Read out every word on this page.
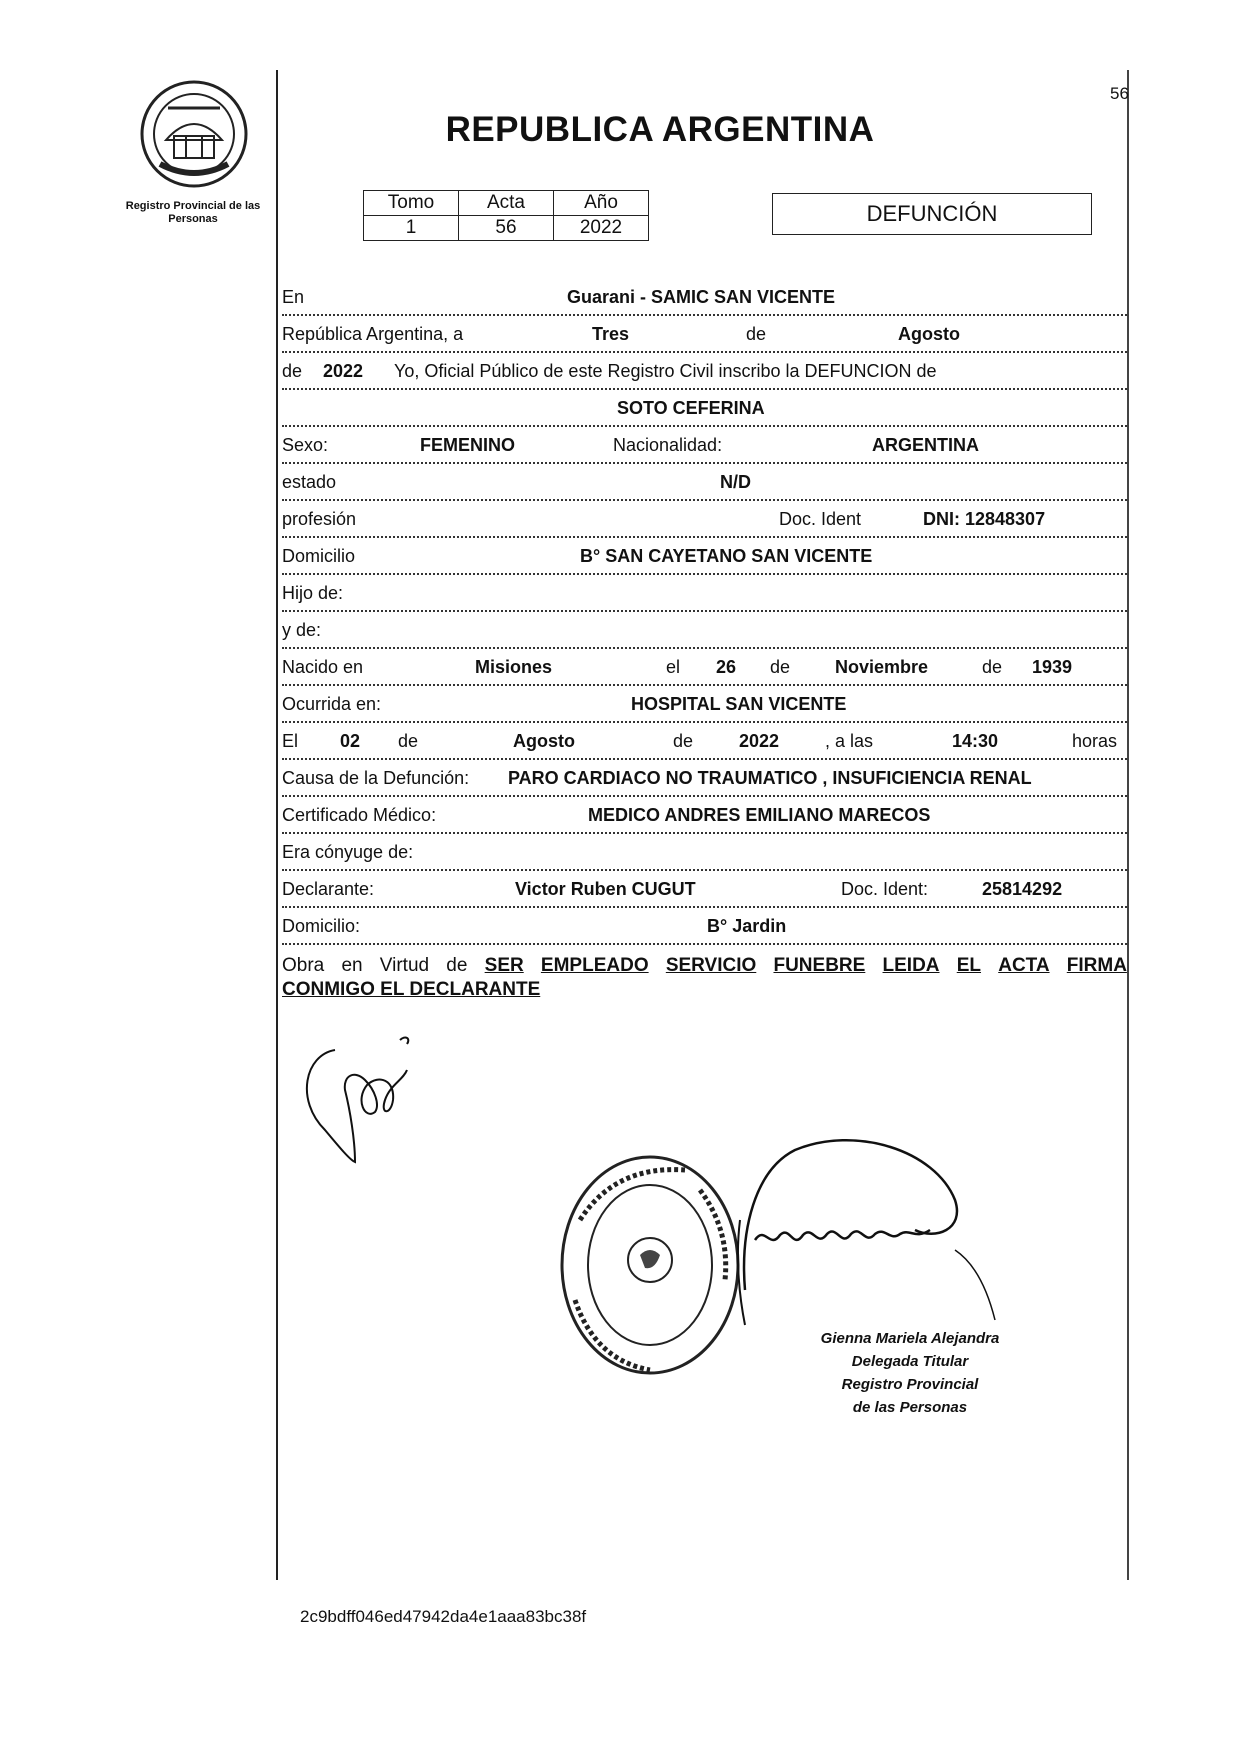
Registro Provincial de las Personas
56
REPUBLICA ARGENTINA
Tomo	Acta	Año
1	56	2022
DEFUNCIÓN
En	Guarani - SAMIC SAN VICENTE
República Argentina, a	Tres	de	Agosto
de 2022 Yo, Oficial Público de este Registro Civil inscribo la DEFUNCION de
SOTO CEFERINA
Sexo:	FEMENINO	Nacionalidad:	ARGENTINA
estado	N/D
profesión	Doc. Ident	DNI: 12848307
Domicilio	B° SAN CAYETANO SAN VICENTE
Hijo de:
y de:
Nacido en	Misiones	el 26 de Noviembre	de 1939
Ocurrida en:	HOSPITAL SAN VICENTE
El 02 de	Agosto	de	2022	, a las	14:30	horas
Causa de la Defunción: PARO CARDIACO NO TRAUMATICO , INSUFICIENCIA RENAL
Certificado Médico:	MEDICO ANDRES EMILIANO MARECOS
Era cónyuge de:
Declarante:	Victor Ruben CUGUT	Doc. Ident:	25814292
Domicilio:	B° Jardin
Obra en Virtud de SER EMPLEADO SERVICIO FUNEBRE LEIDA EL ACTA FIRMA
CONMIGO EL DECLARANTE
Gienna Mariela Alejandra
Delegada Titular
Registro Provincial
de las Personas
2c9bdff046ed47942da4e1aaa83bc38f
